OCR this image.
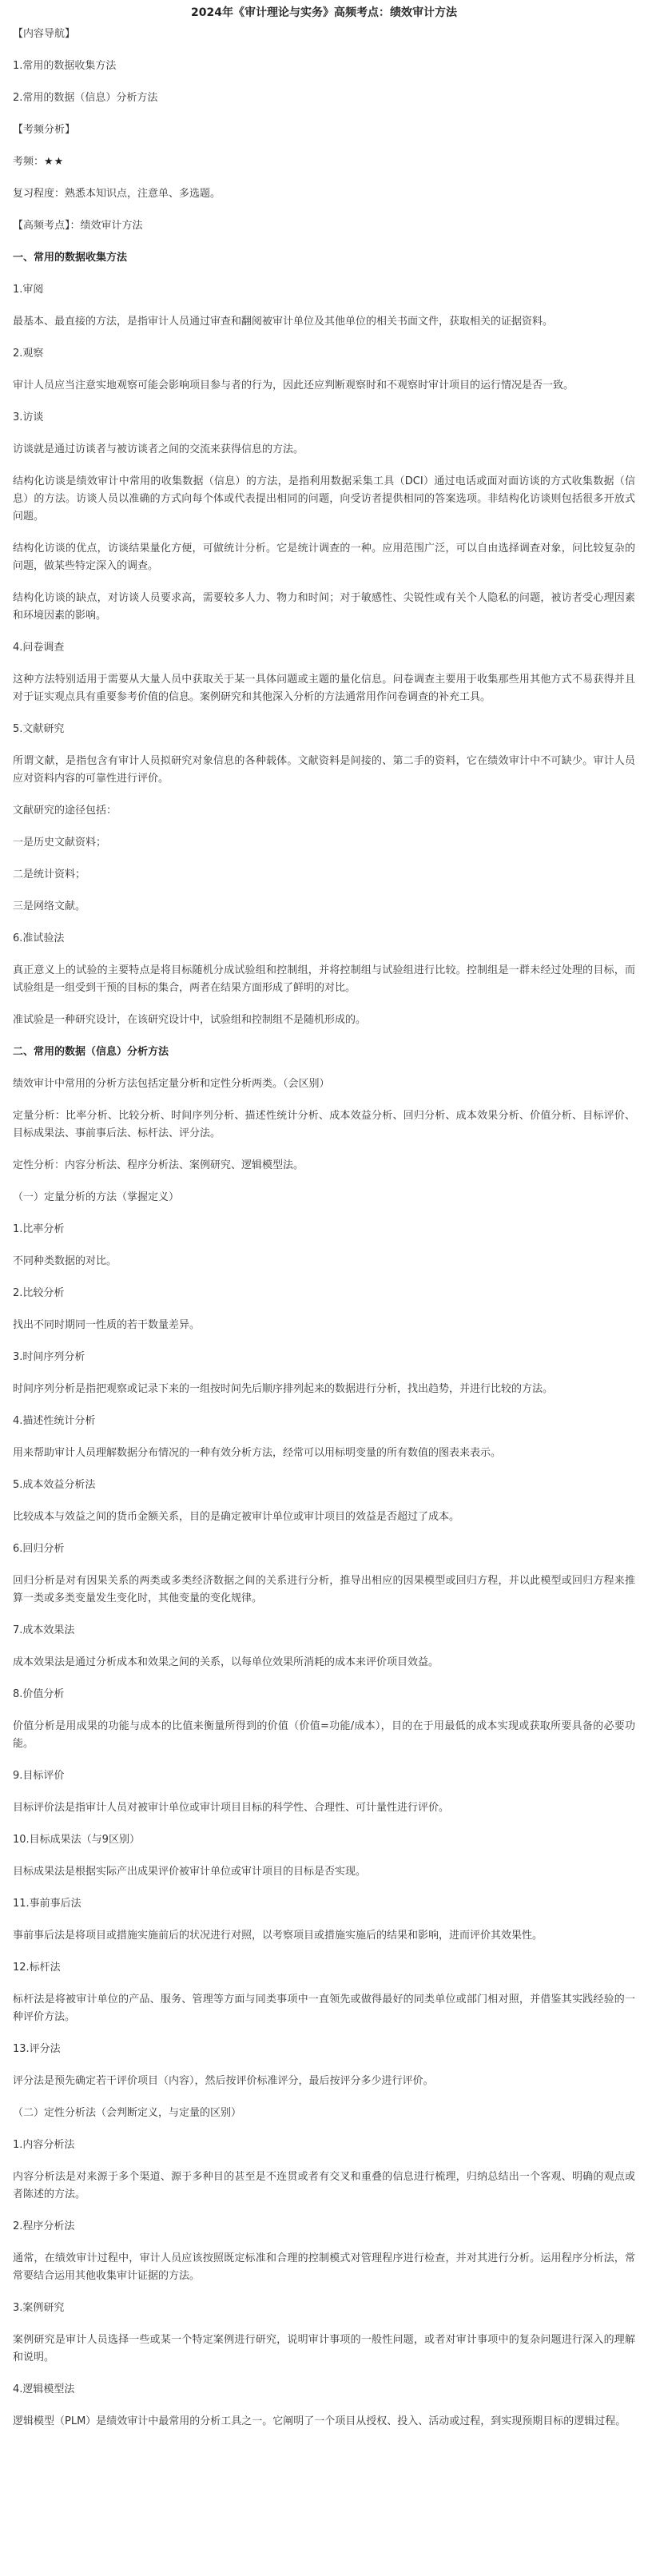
2024年《审计理论与实务》高频考点：绩效审计方法

【内容导航】

1.常用的数据收集方法

2.常用的数据（信息）分析方法

【考频分析】

考频：★★

复习程度：熟悉本知识点，注意单、多选题。

【高频考点】：绩效审计方法

一、常用的数据收集方法

1.审阅

最基本、最直接的方法，是指审计人员通过审查和翻阅被审计单位及其他单位的相关书面文件，获取相关的证据资料。

2.观察

审计人员应当注意实地观察可能会影响项目参与者的行为，因此还应判断观察时和不观察时审计项目的运行情况是否一致。

3.访谈

访谈就是通过访谈者与被访谈者之间的交流来获得信息的方法。

结构化访谈是绩效审计中常用的收集数据（信息）的方法，是指利用数据采集工具（DCI）通过电话或面对面访谈的方式收集数据（信息）的方法。访谈人员以准确的方式向每个体或代表提出相同的问题，向受访者提供相同的答案选项。非结构化访谈则包括很多开放式问题。

结构化访谈的优点，访谈结果量化方便，可做统计分析。它是统计调查的一种。应用范围广泛，可以自由选择调查对象，问比较复杂的问题，做某些特定深入的调查。

结构化访谈的缺点，对访谈人员要求高，需要较多人力、物力和时间；对于敏感性、尖锐性或有关个人隐私的问题，被访者受心理因素和环境因素的影响。

4.问卷调查

这种方法特别适用于需要从大量人员中获取关于某一具体问题或主题的量化信息。问卷调查主要用于收集那些用其他方式不易获得并且对于证实观点具有重要参考价值的信息。案例研究和其他深入分析的方法通常用作问卷调查的补充工具。

5.文献研究

所谓文献，是指包含有审计人员拟研究对象信息的各种载体。文献资料是间接的、第二手的资料，它在绩效审计中不可缺少。审计人员应对资料内容的可靠性进行评价。

文献研究的途径包括：

一是历史文献资料；

二是统计资料；

三是网络文献。

6.准试验法

真正意义上的试验的主要特点是将目标随机分成试验组和控制组，并将控制组与试验组进行比较。控制组是一群未经过处理的目标，而试验组是一组受到干预的目标的集合，两者在结果方面形成了鲜明的对比。

准试验是一种研究设计，在该研究设计中，试验组和控制组不是随机形成的。

二、常用的数据（信息）分析方法

绩效审计中常用的分析方法包括定量分析和定性分析两类。（会区别）

定量分析：比率分析、比较分析、时间序列分析、描述性统计分析、成本效益分析、回归分析、成本效果分析、价值分析、目标评价、目标成果法、事前事后法、标杆法、评分法。

定性分析：内容分析法、程序分析法、案例研究、逻辑模型法。

（一）定量分析的方法（掌握定义）

1.比率分析

不同种类数据的对比。

2.比较分析

找出不同时期同一性质的若干数量差异。

3.时间序列分析

时间序列分析是指把观察或记录下来的一组按时间先后顺序排列起来的数据进行分析，找出趋势，并进行比较的方法。

4.描述性统计分析

用来帮助审计人员理解数据分布情况的一种有效分析方法，经常可以用标明变量的所有数值的图表来表示。

5.成本效益分析法

比较成本与效益之间的货币金额关系，目的是确定被审计单位或审计项目的效益是否超过了成本。

6.回归分析

回归分析是对有因果关系的两类或多类经济数据之间的关系进行分析，推导出相应的因果模型或回归方程，并以此模型或回归方程来推算一类或多类变量发生变化时，其他变量的变化规律。

7.成本效果法

成本效果法是通过分析成本和效果之间的关系，以每单位效果所消耗的成本来评价项目效益。

8.价值分析

价值分析是用成果的功能与成本的比值来衡量所得到的价值（价值=功能/成本），目的在于用最低的成本实现或获取所要具备的必要功能。

9.目标评价

目标评价法是指审计人员对被审计单位或审计项目目标的科学性、合理性、可计量性进行评价。

10.目标成果法（与9区别）

目标成果法是根据实际产出成果评价被审计单位或审计项目的目标是否实现。

11.事前事后法

事前事后法是将项目或措施实施前后的状况进行对照，以考察项目或措施实施后的结果和影响，进而评价其效果性。

12.标杆法

标杆法是将被审计单位的产品、服务、管理等方面与同类事项中一直领先或做得最好的同类单位或部门相对照，并借鉴其实践经验的一种评价方法。

13.评分法

评分法是预先确定若干评价项目（内容），然后按评价标准评分，最后按评分多少进行评价。

（二）定性分析法（会判断定义，与定量的区别）

1.内容分析法

内容分析法是对来源于多个渠道、源于多种目的甚至是不连贯或者有交叉和重叠的信息进行梳理，归纳总结出一个客观、明确的观点或者陈述的方法。

2.程序分析法

通常，在绩效审计过程中，审计人员应该按照既定标准和合理的控制模式对管理程序进行检查，并对其进行分析。运用程序分析法，常常要结合运用其他收集审计证据的方法。

3.案例研究

案例研究是审计人员选择一些或某一个特定案例进行研究，说明审计事项的一般性问题，或者对审计事项中的复杂问题进行深入的理解和说明。

4.逻辑模型法

逻辑模型（PLM）是绩效审计中最常用的分析工具之一。它阐明了一个项目从授权、投入、活动或过程，到实现预期目标的逻辑过程。
